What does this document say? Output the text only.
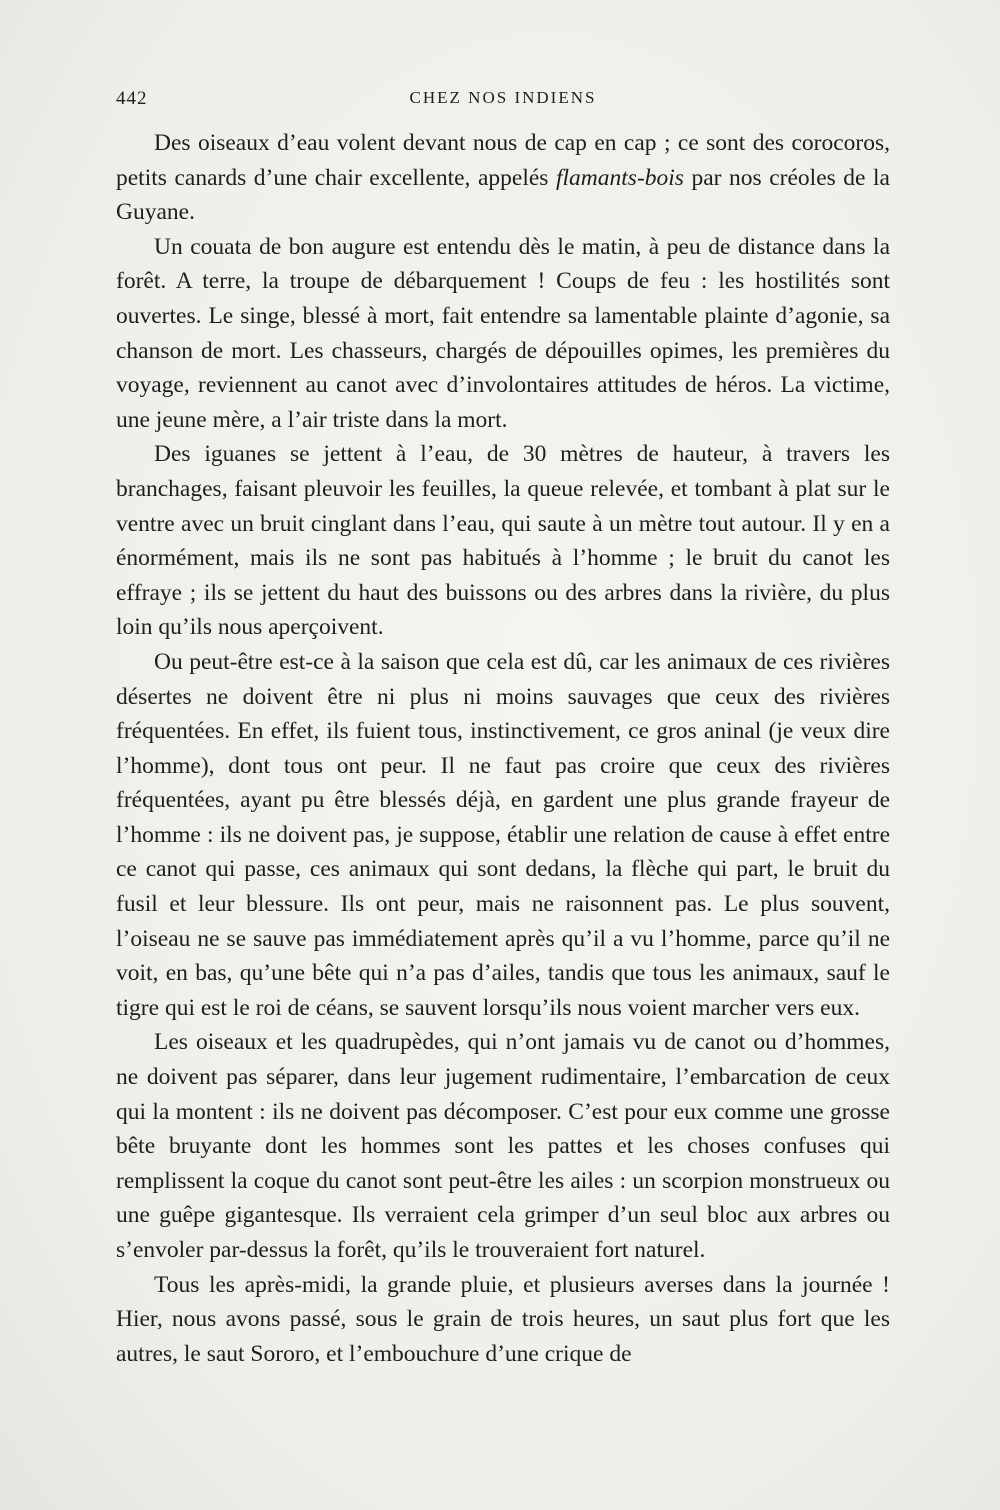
442	CHEZ NOS INDIENS

Des oiseaux d’eau volent devant nous de cap en cap ; ce sont des corocoros, petits canards d’une chair excellente, appelés flamants-bois par nos créoles de la Guyane.

Un couata de bon augure est entendu dès le matin, à peu de distance dans la forêt. A terre, la troupe de débarquement ! Coups de feu : les hostilités sont ouvertes. Le singe, blessé à mort, fait entendre sa lamentable plainte d’agonie, sa chanson de mort. Les chasseurs, chargés de dépouilles opimes, les premières du voyage, reviennent au canot avec d’involontaires attitudes de héros. La victime, une jeune mère, a l’air triste dans la mort.

Des iguanes se jettent à l’eau, de 30 mètres de hauteur, à travers les branchages, faisant pleuvoir les feuilles, la queue relevée, et tombant à plat sur le ventre avec un bruit cinglant dans l’eau, qui saute à un mètre tout autour. Il y en a énormément, mais ils ne sont pas habitués à l’homme ; le bruit du canot les effraye ; ils se jettent du haut des buissons ou des arbres dans la rivière, du plus loin qu’ils nous aperçoivent.

Ou peut-être est-ce à la saison que cela est dû, car les animaux de ces rivières désertes ne doivent être ni plus ni moins sauvages que ceux des rivières fréquentées. En effet, ils fuient tous, instinctivement, ce gros aninal (je veux dire l’homme), dont tous ont peur. Il ne faut pas croire que ceux des rivières fréquentées, ayant pu être blessés déjà, en gardent une plus grande frayeur de l’homme : ils ne doivent pas, je suppose, établir une relation de cause à effet entre ce canot qui passe, ces animaux qui sont dedans, la flèche qui part, le bruit du fusil et leur blessure. Ils ont peur, mais ne raisonnent pas. Le plus souvent, l’oiseau ne se sauve pas immédiatement après qu’il a vu l’homme, parce qu’il ne voit, en bas, qu’une bête qui n’a pas d’ailes, tandis que tous les animaux, sauf le tigre qui est le roi de céans, se sauvent lorsqu’ils nous voient marcher vers eux.

Les oiseaux et les quadrupèdes, qui n’ont jamais vu de canot ou d’hommes, ne doivent pas séparer, dans leur jugement rudimentaire, l’embarcation de ceux qui la montent : ils ne doivent pas décomposer. C’est pour eux comme une grosse bête bruyante dont les hommes sont les pattes et les choses confuses qui remplissent la coque du canot sont peut-être les ailes : un scorpion monstrueux ou une guêpe gigantesque. Ils verraient cela grimper d’un seul bloc aux arbres ou s’envoler par-dessus la forêt, qu’ils le trouveraient fort naturel.

Tous les après-midi, la grande pluie, et plusieurs averses dans la journée ! Hier, nous avons passé, sous le grain de trois heures, un saut plus fort que les autres, le saut Sororo, et l’embouchure d’une crique de
